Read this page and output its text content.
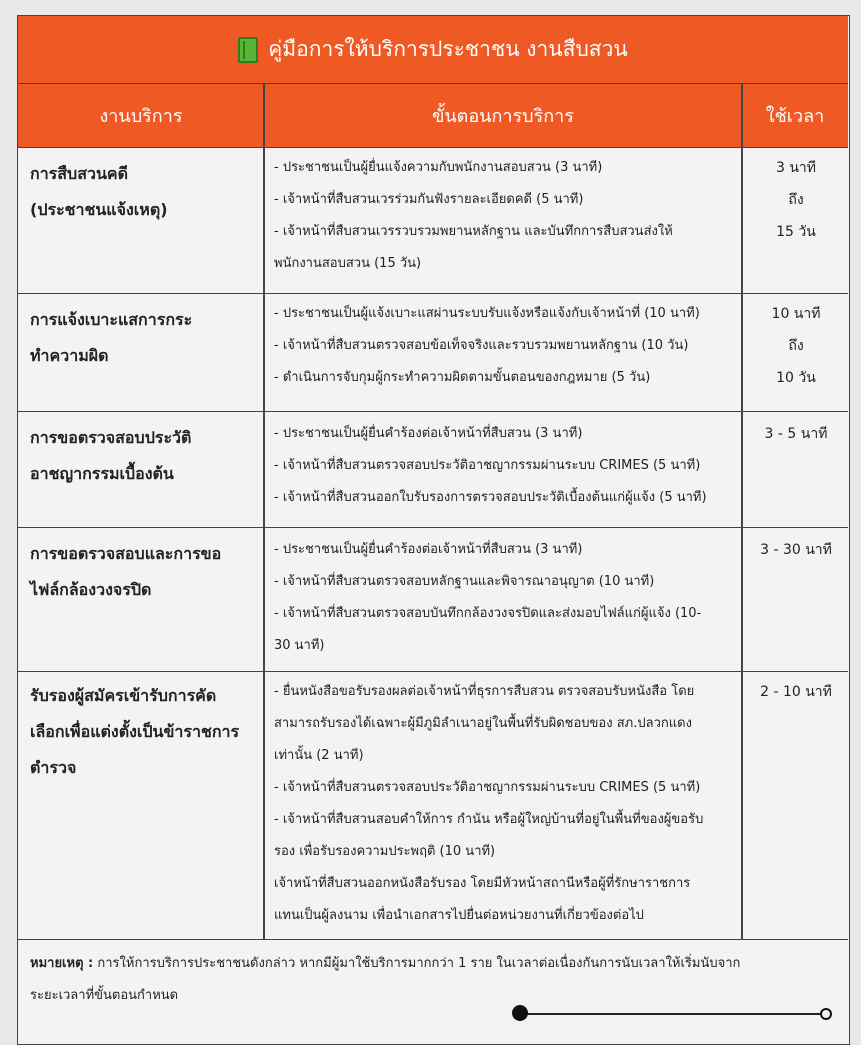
คู่มือการให้บริการประชาชน งานสืบสวน
งานบริการ	ขั้นตอนการบริการ	ใช้เวลา
การสืบสวนคดี
(ประชาชนแจ้งเหตุ)
- ประชาชนเป็นผู้ยื่นแจ้งความกับพนักงานสอบสวน (3 นาที)
- เจ้าหน้าที่สืบสวนเวรร่วมกันฟังรายละเอียดคดี (5 นาที)
- เจ้าหน้าที่สืบสวนเวรรวบรวมพยานหลักฐาน และบันทึกการสืบสวนส่งให้
พนักงานสอบสวน (15 วัน)
3 นาที
ถึง
15 วัน
การแจ้งเบาะแสการกระ
ทำความผิด
- ประชาชนเป็นผู้แจ้งเบาะแสผ่านระบบรับแจ้งหรือแจ้งกับเจ้าหน้าที่ (10 นาที)
- เจ้าหน้าที่สืบสวนตรวจสอบข้อเท็จจริงและรวบรวมพยานหลักฐาน (10 วัน)
- ดำเนินการจับกุมผู้กระทำความผิดตามขั้นตอนของกฎหมาย (5 วัน)
10 นาที
ถึง
10 วัน
การขอตรวจสอบประวัติ
อาชญากรรมเบื้องต้น
- ประชาชนเป็นผู้ยื่นคำร้องต่อเจ้าหน้าที่สืบสวน (3 นาที)
- เจ้าหน้าที่สืบสวนตรวจสอบประวัติอาชญากรรมผ่านระบบ CRIMES (5 นาที)
- เจ้าหน้าที่สืบสวนออกใบรับรองการตรวจสอบประวัติเบื้องต้นแก่ผู้แจ้ง (5 นาที)
3 - 5 นาที
การขอตรวจสอบและการขอ
ไฟล์กล้องวงจรปิด
- ประชาชนเป็นผู้ยื่นคำร้องต่อเจ้าหน้าที่สืบสวน (3 นาที)
- เจ้าหน้าที่สืบสวนตรวจสอบหลักฐานและพิจารณาอนุญาต (10 นาที)
- เจ้าหน้าที่สืบสวนตรวจสอบบันทึกกล้องวงจรปิดและส่งมอบไฟล์แก่ผู้แจ้ง (10-
30 นาที)
3 - 30 นาที
รับรองผู้สมัครเข้ารับการคัด
เลือกเพื่อแต่งตั้งเป็นข้าราชการ
ตำรวจ
- ยื่นหนังสือขอรับรองผลต่อเจ้าหน้าที่ธุรการสืบสวน ตรวจสอบรับหนังสือ โดย
สามารถรับรองได้เฉพาะผู้มีภูมิลำเนาอยู่ในพื้นที่รับผิดชอบของ สภ.ปลวกแดง
เท่านั้น (2 นาที)
- เจ้าหน้าที่สืบสวนตรวจสอบประวัติอาชญากรรมผ่านระบบ CRIMES (5 นาที)
- เจ้าหน้าที่สืบสวนสอบคำให้การ กำนัน หรือผู้ใหญ่บ้านที่อยู่ในพื้นที่ของผู้ขอรับ
รอง เพื่อรับรองความประพฤติ (10 นาที)
เจ้าหน้าที่สืบสวนออกหนังสือรับรอง โดยมีหัวหน้าสถานีหรือผู้ที่รักษาราชการ
แทนเป็นผู้ลงนาม เพื่อนำเอกสารไปยื่นต่อหน่วยงานที่เกี่ยวข้องต่อไป
2 - 10 นาที
หมายเหตุ : การให้การบริการประชาชนดังกล่าว หากมีผู้มาใช้บริการมากกว่า 1 ราย ในเวลาต่อเนื่องกันการนับเวลาให้เริ่มนับจาก
ระยะเวลาที่ขั้นตอนกำหนด
